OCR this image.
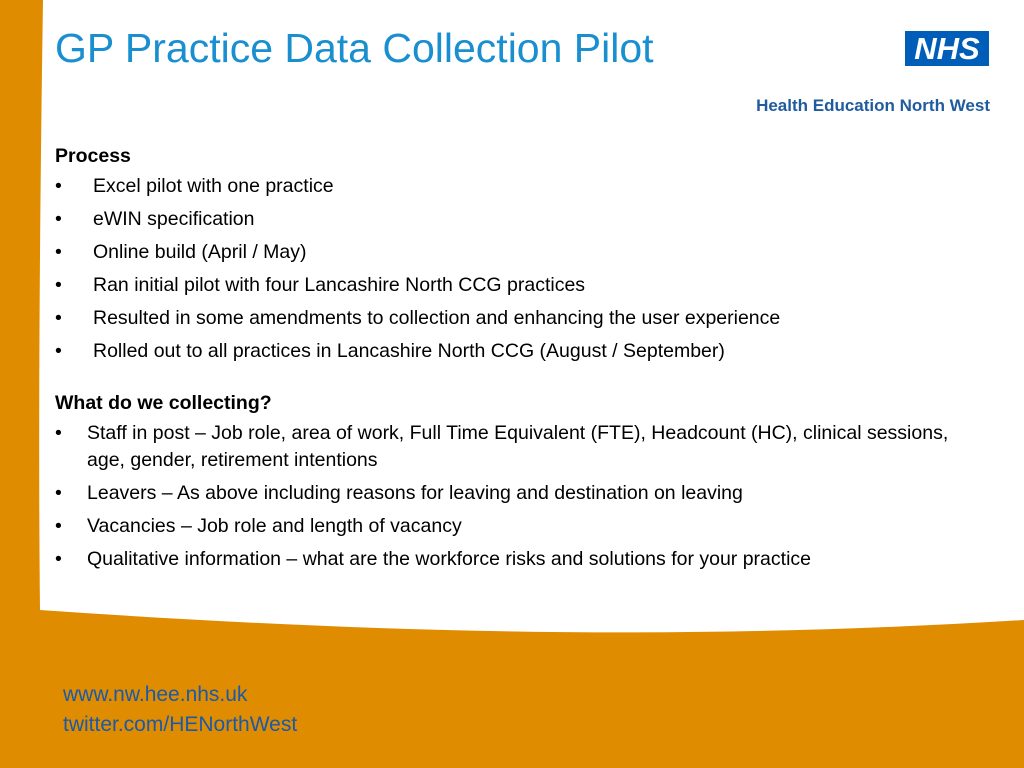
GP Practice Data Collection Pilot	NHS
Health Education North West
Process
• Excel pilot with one practice
• eWIN specification
• Online build (April / May)
• Ran initial pilot with four Lancashire North CCG practices
• Resulted in some amendments to collection and enhancing the user experience
• Rolled out to all practices in Lancashire North CCG (August / September)
What do we collecting?
• Staff in post – Job role, area of work, Full Time Equivalent (FTE), Headcount (HC), clinical sessions, age, gender, retirement intentions
• Leavers – As above including reasons for leaving and destination on leaving
• Vacancies – Job role and length of vacancy
• Qualitative information – what are the workforce risks and solutions for your practice
www.nw.hee.nhs.uk
twitter.com/HENorthWest
